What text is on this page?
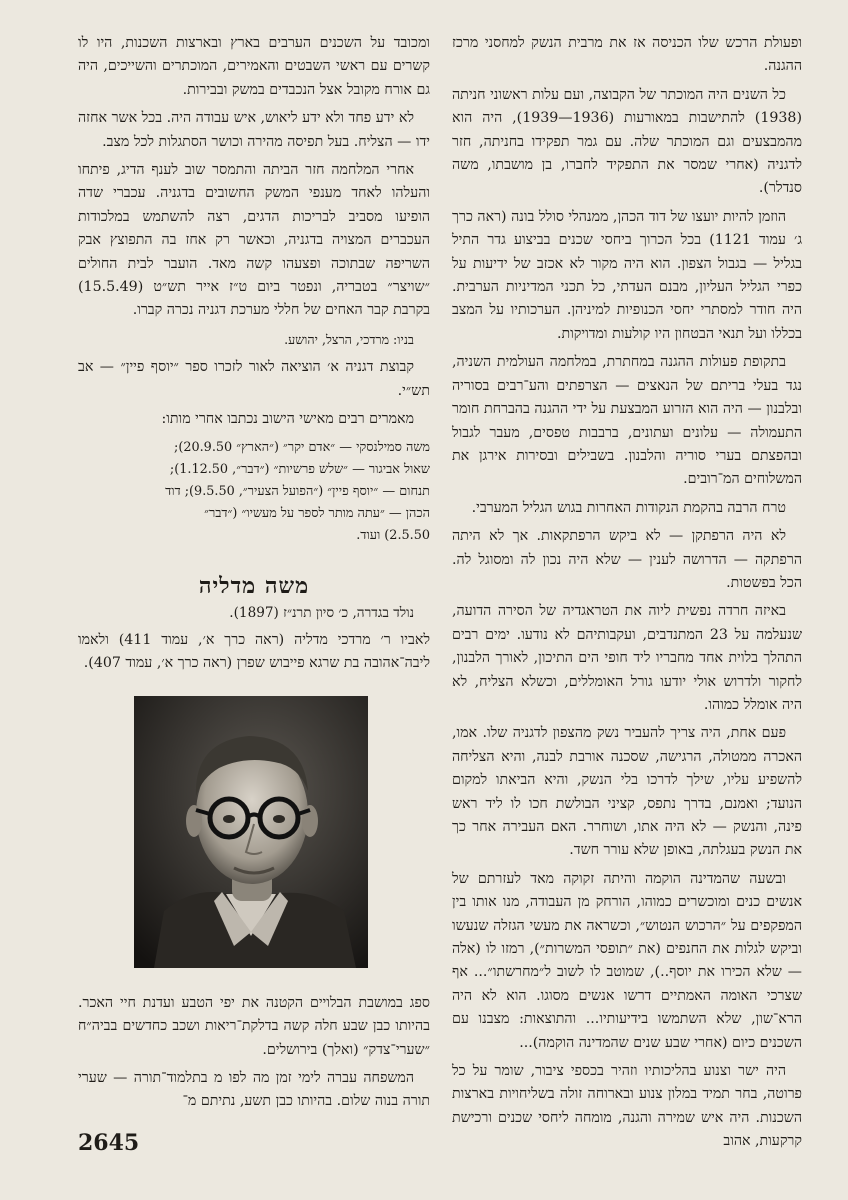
ופעולת הרכש שלו הכניסה אז את מרבית הנשק למחסני מרכז ההגנה.

כל השנים היה המוכתר של הקבוצה, ועם עלות ראשוני חניתה (1938) להתישבות במאורעות (1936—1939), היה הוא מהמבצעים וגם המוכתר שלה. עם גמר תפקידו בחניתה, חזר לדגניה (אחרי שמסר את התפקיד לחברו, בן מושבתו, משה סנדלר).

הוזמן להיות יועצו של דוד הכהן, ממנהלי סולל בונה (ראה כרך ג׳ עמוד 1121) בכל הכרוך ביחסי שכנים בביצוע גדר התיל בגליל — בגבול הצפון. הוא היה מקור לא אכזב של ידיעות על כפרי הגליל העליון, מבנם העדתי, כל תכני המדיניות הערבית. היה חודר למסתרי יחסי הכנופיות למיניהן. הערכותיו על המצב בכללו ועל תנאי הבטחון היו קולעות ומדויקות.

בתקופת פעולות ההגנה במחתרת, במלחמה העולמית השניה, נגד בעלי בריתם של הנאצים — הצרפתים והע־רבים בסוריה ובלבנון — היה הוא הזרוע המבצעת על ידי ההגנה בהברחת חומר התעמולה — עלונים ועתונים, ברבבות טפסים, מעבר לגבול ובהפצתם בערי סוריה והלבנון. בשבילים ובסירות אירגן את המשלוחים המ־רובים.

טרח הרבה בהקמת הנקודות האחרות בגוש הגליל המערבי.

לא היה הרפתקן — לא ביקש הרפתקאות. אך לא היתה הרפתקה — הדרושה לענין — שלא היה נכון לה ומסוגל לה. הכל בפשטות.

באיזה חרדה נפשית ליוה את הטראגדיה של הסירה הדועה, שנעלמה על 23 המתנדבים, ועקבותיהם לא נודעו. ימים רבים התהלך בלוית אחד מחבריו ליד חופי הים התיכון, לאורך הלבנון, לחקור ולדרוש אולי יודעו גורל האומללים, וכשלא הצליח, לא היה אומלל כמוהו.

פעם אחת, היה צריך להעביר נשק מהצפון לדגניה שלו. אמו, האכרה ממטולה, הרגישה, שסכנה אורבת לבנה, והיא הצליחה להשפיע עליו, שילך לדרכו בלי הנשק, והיא הביאתו למקום הנועד; ואמנם, בדרך נתפס, קציני הבולשת חכו לו ליד ראש פינה, והנשק — לא היה אתו, ושוחרר. האם העבירה אחר כך את הנשק בעגלתה, באופן שלא עורר חשד.

ובשעה שהמדינה הוקמה והיתה זקוקה מאד לעזרתם של אנשים כנים ומוכשרים כמוהו, הורחק מן העבודה, מנו אותו בין המפקפים על ״הרכוש הנטוש״, וכשראה את מעשי הגזלה שנעשו וביקש לגלות את החנפים (את ״תופסי המשרות״), רמזו לו (אלה — שלא הכירו את יוסף..), שמוטב לו לשוב ל״מחרשתו״... אף שצרכי האומה האמתיים דרשו אנשים מסוגו. הוא לא היה הרא־שון, שלא השתמשו בידיעותיו... והתוצאות: מצבנו עם השכנים כיום (אחרי שבע שנים שהמדינה הוקמה)...

היה ישר וצנוע בהליכותיו וזהיר בכספי ציבור, שומר על כל פרוטה, בחר תמיד במלון צנוע ובארוחה זולה בשליחויות בארצות השכנות. היה איש שמירה והגנה, מומחה ליחסי שכנים ורכישת קרקעות, אהוב

ומכובד על השכנים הערבים בארץ ובארצות השכנות, היו לו קשרים עם ראשי השבטים והאמירים, המוכתרים והשייכים, היה גם אורח מקובל אצל הנכבדים במשק ובבירות.

לא ידע פחד ולא ידע ליאוש, איש עבודה היה. בכל אשר אחזה ידו — הצליח. בעל תפיסה מהירה וכושר הסתגלות לכל מצב.

אחרי המלחמה חזר הביתה והתמסר שוב לענף הדיג, פיתחו והעלהו לאחד מענפי המשק החשובים בדגניה. עכברי שדה הופיעו מסביב לבריכות הדגים, רצה להשתמש במלכודות העכברים המצויה בדגניה, וכאשר רק אחז בה התפוצץ אבק השריפה שבתוכה ופצעהו קשה מאד. הועבר לבית החולים ״שויצר״ בטבריה, ונפטר ביום ט״ז אייר תש״ט (15.5.49) בקרבת קבר האחים של חללי מערכת דגניה נכרה קברו.

בניו: מרדכי, הרצל, יהושע.

קבוצת דגניה א׳ הוציאה לאור לזכרו ספר ״יוסף פיין״ — אב תש״י.

מאמרים רבים מאישי הישוב נכתבו אחרי מותו:

משה סמילנסקי — ״אדם יקר״ (״הארץ״ 20.9.50);
שאול אביגור — ״שלש פרשיות״ (״דבר״, 1.12.50);
תנחום — ״יוסף פיין״ (״הפועל הצעיר״, 9.5.50); דוד
הכהן — ״עתה מותר לספר על מעשיו״ (״דבר״
2.5.50) ועוד.
משה מדליה

נולד בגדרה, כ׳ סיון תרנ״ז (1897).

לאביו ר׳ מרדכי מדליה (ראה כרך א׳, עמוד 411) ולאמו ליבה־אהובה בת שרגא פייבוש שפרן (ראה כרך א׳, עמוד 407).

ספג במושבת הבלויים הקטנה את יפי הטבע ועדנת חיי האכר. בהיותו כבן שבע חלה קשה בדלקת־ריאות ושכב כחדשים בביה״ח ״שערי־צדק״ (ואלך) בירושלים.

המשפחה עברה לימי זמן מה לפו מ בתלמוד־תורה — שערי תורה בנוה שלום. בהיותו כבן תשע, נתיתם מ־

2645
